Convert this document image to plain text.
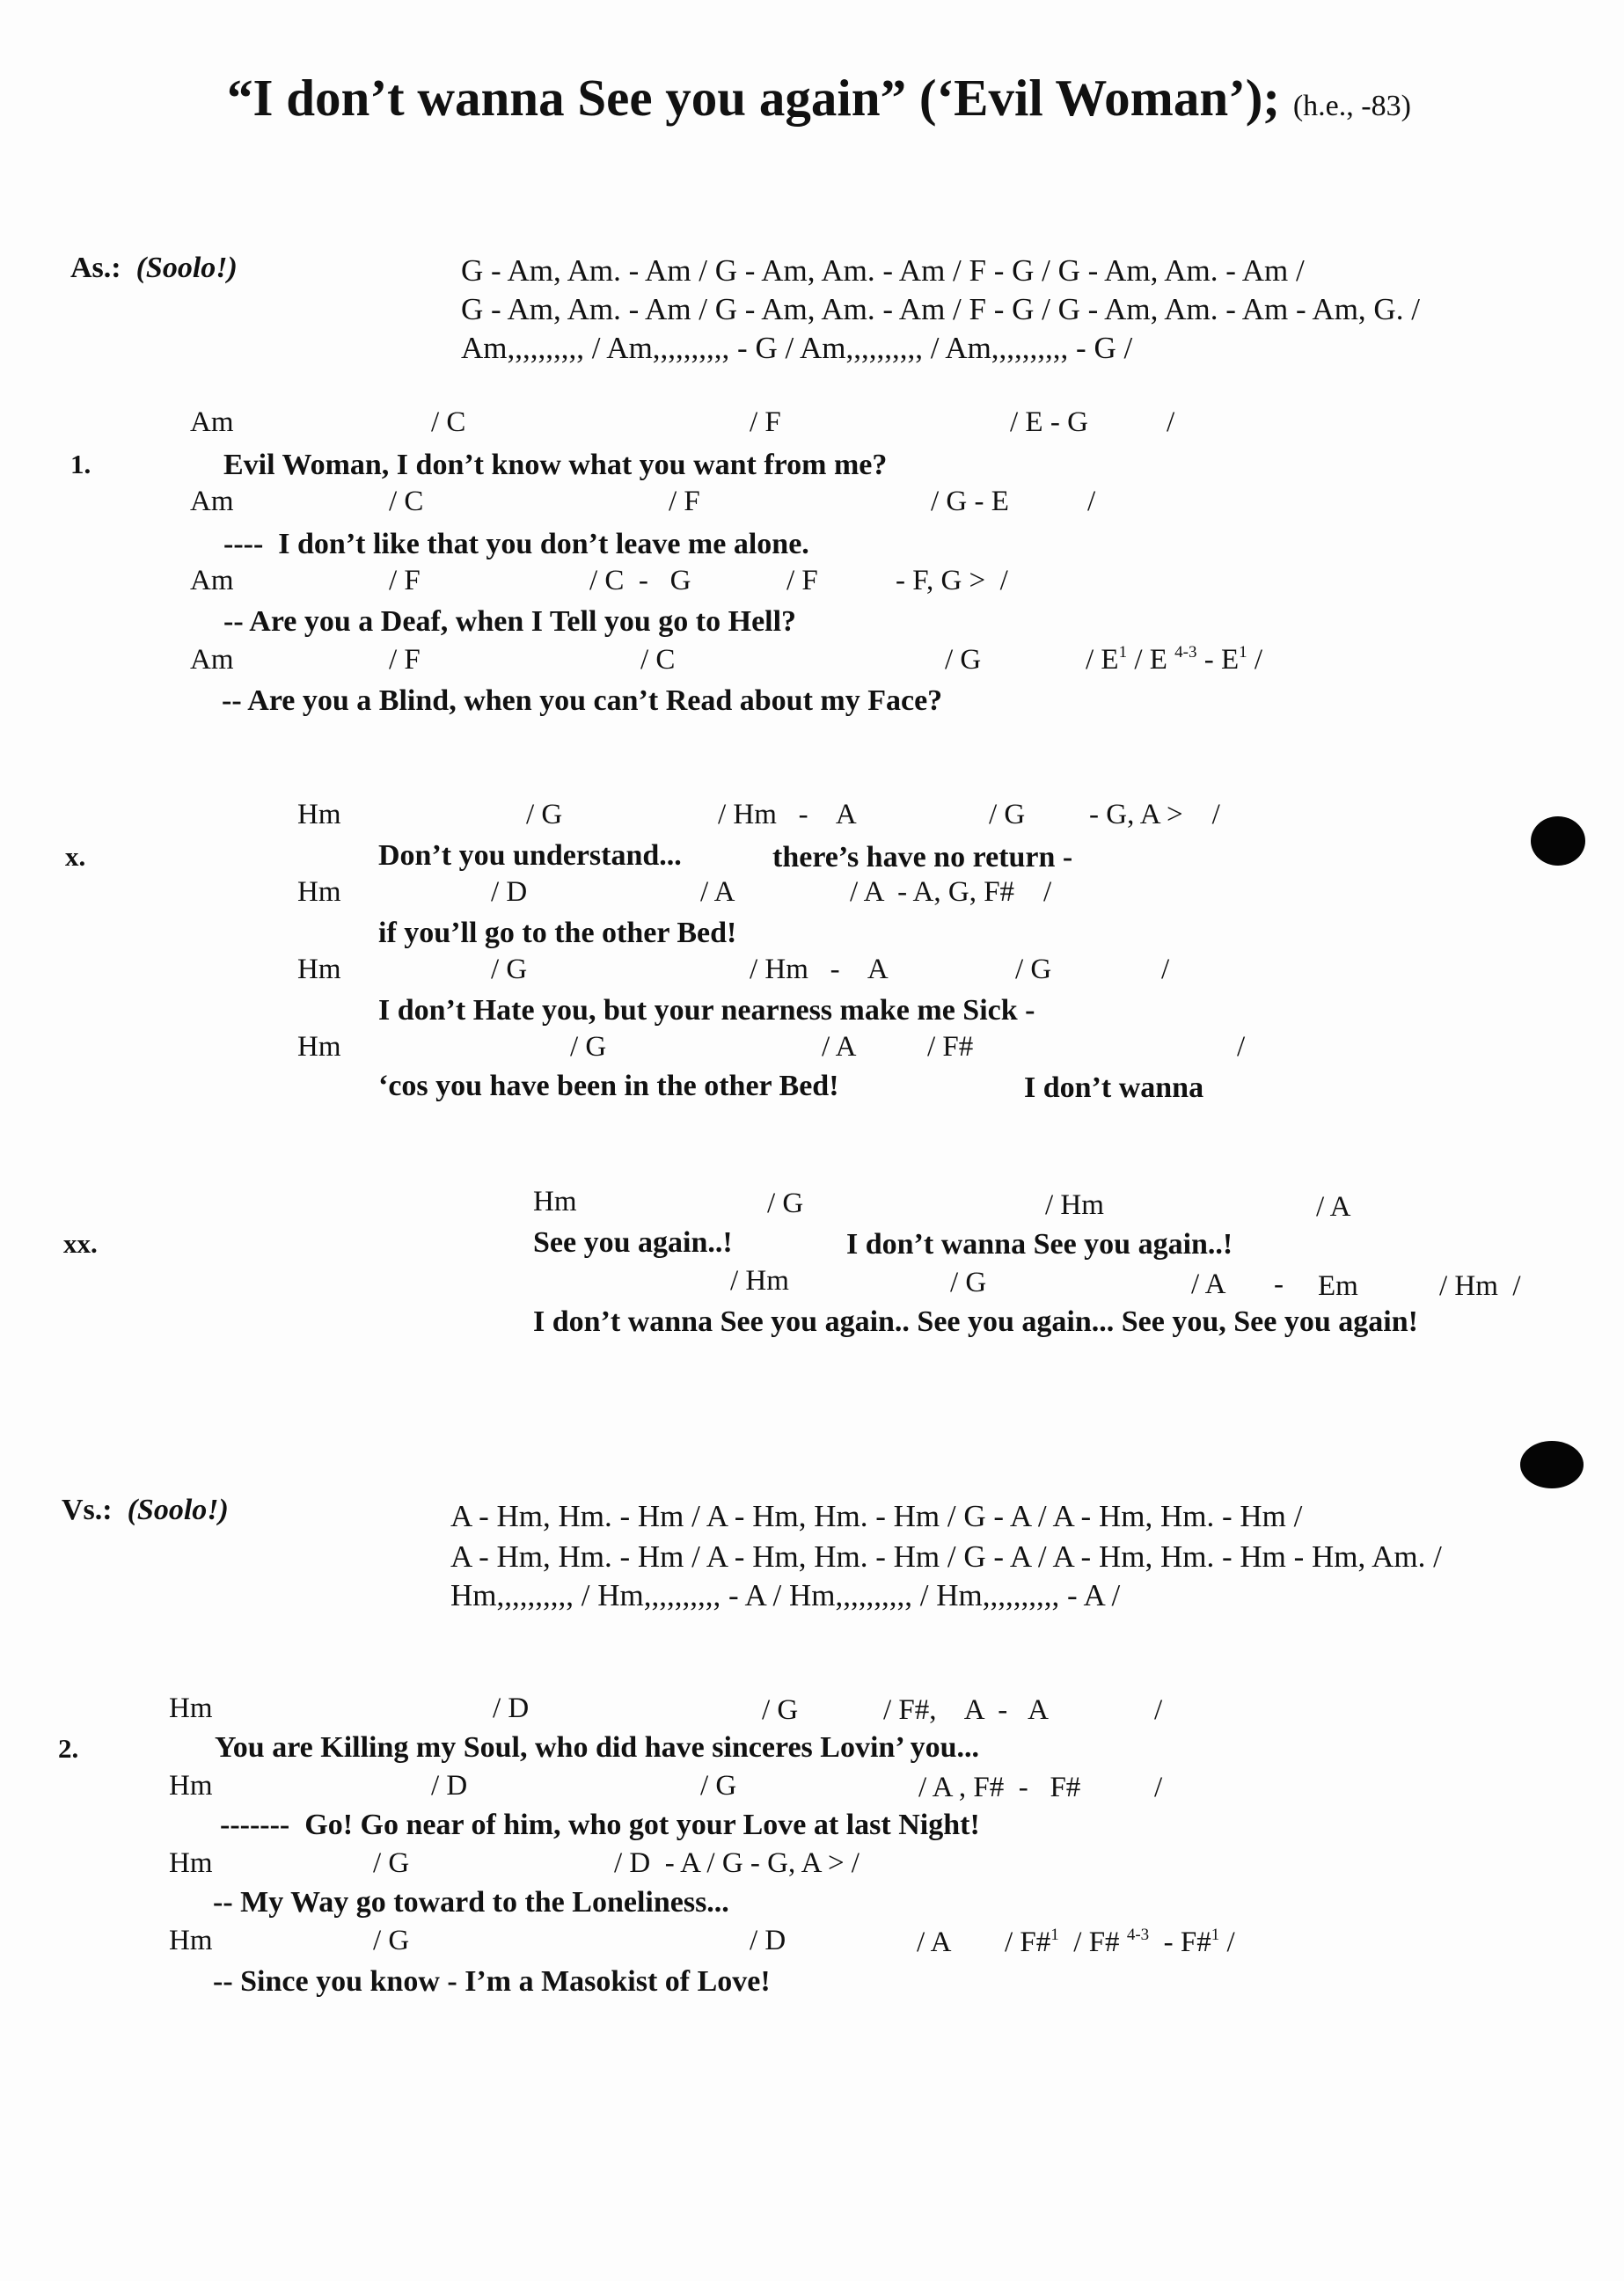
“I don’t wanna See you again” (‘Evil Woman’); (h.e., -83)
As.: (Soolo!)	G - Am, Am. - Am / G - Am, Am. - Am / F - G / G - Am, Am. - Am /
G - Am, Am. - Am / G - Am, Am. - Am / F - G / G - Am, Am. - Am - Am, G. /
Am,,,,,,,,,, / Am,,,,,,,,,, - G / Am,,,,,,,,,, / Am,,,,,,,,,, - G /
Am	/ C	/ F	/ E - G	/
1.	Evil Woman, I don’t know what you want from me?
Am	/ C	/ F	/ G - E	/
----  I don’t like that you don’t leave me alone.
Am	/ F	/ C  -   G	/ F	- F, G >  /
-- Are you a Deaf, when I Tell you go to Hell?
Am	/ F	/ C	/ G	/ $E^1$ / E $^{4-3} - E^1$ /
-- Are you a Blind, when you can’t Read about my Face?
Hm	/ G	/ Hm   -    A	/ G - G, A >    /
x.	Don’t you understand...	there’s have no return -
Hm	/ D	/ A	/ A  - A, G, F#    /
if you’ll go to the other Bed!
Hm	/ G	/ Hm   -    A	/ G	/
I don’t Hate you, but your nearness make me Sick -
Hm	/ G	/ A / F#	/
‘cos you have been in the other Bed!	I don’t wanna
Hm	/ G	/ Hm	/ A
xx.	See you again..!	I don’t wanna See you again..!
/ Hm	/ G	/ A - Em	/ Hm  /
I don’t wanna See you again.. See you again... See you, See you again!
Vs.: (Soolo!)	A - Hm, Hm. - Hm / A - Hm, Hm. - Hm / G - A / A - Hm, Hm. - Hm /
A - Hm, Hm. - Hm / A - Hm, Hm. - Hm / G - A / A - Hm, Hm. - Hm - Hm, Am. /
Hm,,,,,,,,,, / Hm,,,,,,,,,, - A / Hm,,,,,,,,,, / Hm,,,,,,,,,, - A /
Hm	/ D	/ G	/ F#,    A  -   A	/
2.	You are Killing my Soul, who did have sinceres Lovin’ you...
Hm	/ D	/ G	/ A , F#  -   F#	/
-------  Go! Go near of him, who got your Love at last Night!
Hm	/ G	/ D  - A / G - G, A > /
-- My Way go toward to the Loneliness...
Hm	/ G	/ D	/ A / F#$^1$  / F# $^{4-3}$  - F#$^1$ /
-- Since you know - I’m a Masokist of Love!
